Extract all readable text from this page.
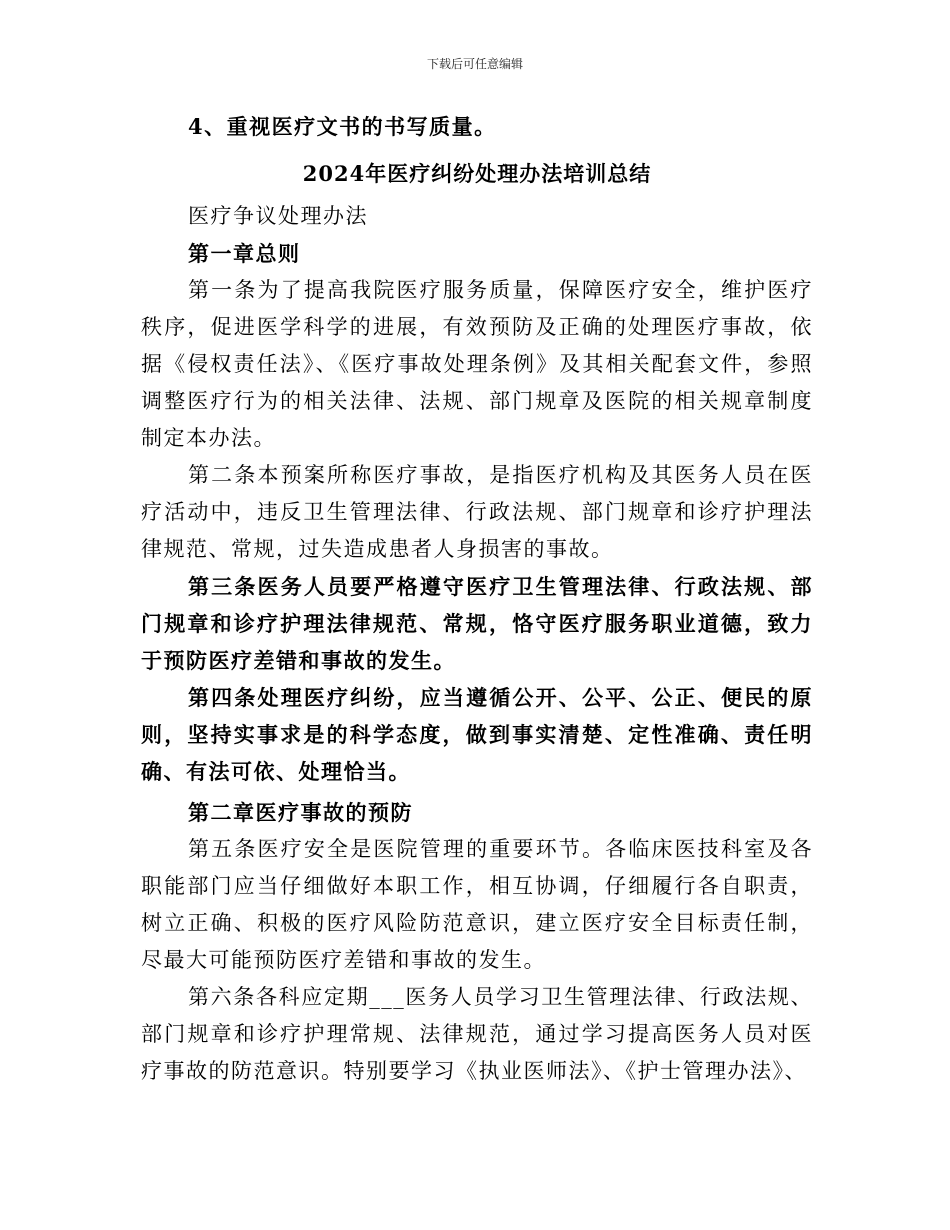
下载后可任意编辑

4、重视医疗文书的书写质量。

2024年医疗纠纷处理办法培训总结

医疗争议处理办法

第一章总则

第一条为了提高我院医疗服务质量，保障医疗安全，维护医疗秩序，促进医学科学的进展，有效预防及正确的处理医疗事故，依据《侵权责任法》、《医疗事故处理条例》及其相关配套文件，参照调整医疗行为的相关法律、法规、部门规章及医院的相关规章制度制定本办法。

第二条本预案所称医疗事故，是指医疗机构及其医务人员在医疗活动中，违反卫生管理法律、行政法规、部门规章和诊疗护理法律规范、常规，过失造成患者人身损害的事故。

第三条医务人员要严格遵守医疗卫生管理法律、行政法规、部门规章和诊疗护理法律规范、常规，恪守医疗服务职业道德，致力于预防医疗差错和事故的发生。

第四条处理医疗纠纷，应当遵循公开、公平、公正、便民的原则，坚持实事求是的科学态度，做到事实清楚、定性准确、责任明确、有法可依、处理恰当。

第二章医疗事故的预防

第五条医疗安全是医院管理的重要环节。各临床医技科室及各职能部门应当仔细做好本职工作，相互协调，仔细履行各自职责，树立正确、积极的医疗风险防范意识，建立医疗安全目标责任制，尽最大可能预防医疗差错和事故的发生。

第六条各科应定期___医务人员学习卫生管理法律、行政法规、部门规章和诊疗护理常规、法律规范，通过学习提高医务人员对医疗事故的防范意识。特别要学习《执业医师法》、《护士管理办法》、
